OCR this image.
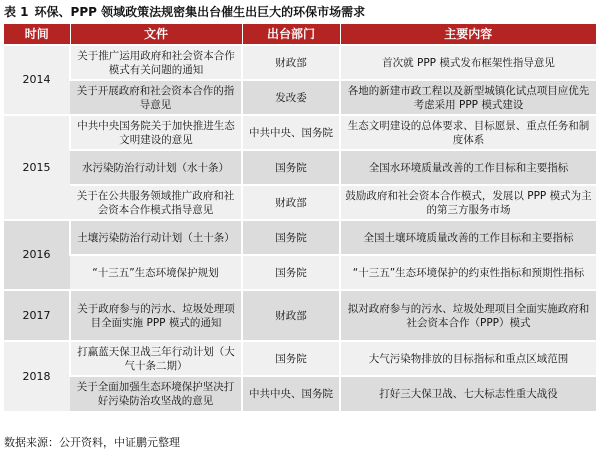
表 1 环保、PPP 领域政策法规密集出台催生出巨大的环保市场需求
时间	文件	出台部门	主要内容
2014	关于推广运用政府和社会资本合作模式有关问题的通知	财政部	首次就 PPP 模式发布框架性指导意见
	关于开展政府和社会资本合作的指导意见	发改委	各地的新建市政工程以及新型城镇化试点项目应优先考虑采用 PPP 模式建设
2015	中共中央国务院关于加快推进生态文明建设的意见	中共中央、国务院	生态文明建设的总体要求、目标愿景、重点任务和制度体系
	水污染防治行动计划（水十条）	国务院	全国水环境质量改善的工作目标和主要指标
	关于在公共服务领域推广政府和社会资本合作模式指导意见	财政部	鼓励政府和社会资本合作模式，发展以 PPP 模式为主的第三方服务市场
2016	土壤污染防治行动计划（土十条）	国务院	全国土壤环境质量改善的工作目标和主要指标
	“十三五”生态环境保护规划	国务院	“十三五”生态环境保护的约束性指标和预期性指标
2017	关于政府参与的污水、垃圾处理项目全面实施 PPP 模式的通知	财政部	拟对政府参与的污水、垃圾处理项目全面实施政府和社会资本合作（PPP）模式
2018	打赢蓝天保卫战三年行动计划（大气十条二期）	国务院	大气污染物排放的目标指标和重点区域范围
	关于全面加强生态环境保护坚决打好污染防治攻坚战的意见	中共中央、国务院	打好三大保卫战、七大标志性重大战役
数据来源：公开资料，中证鹏元整理
